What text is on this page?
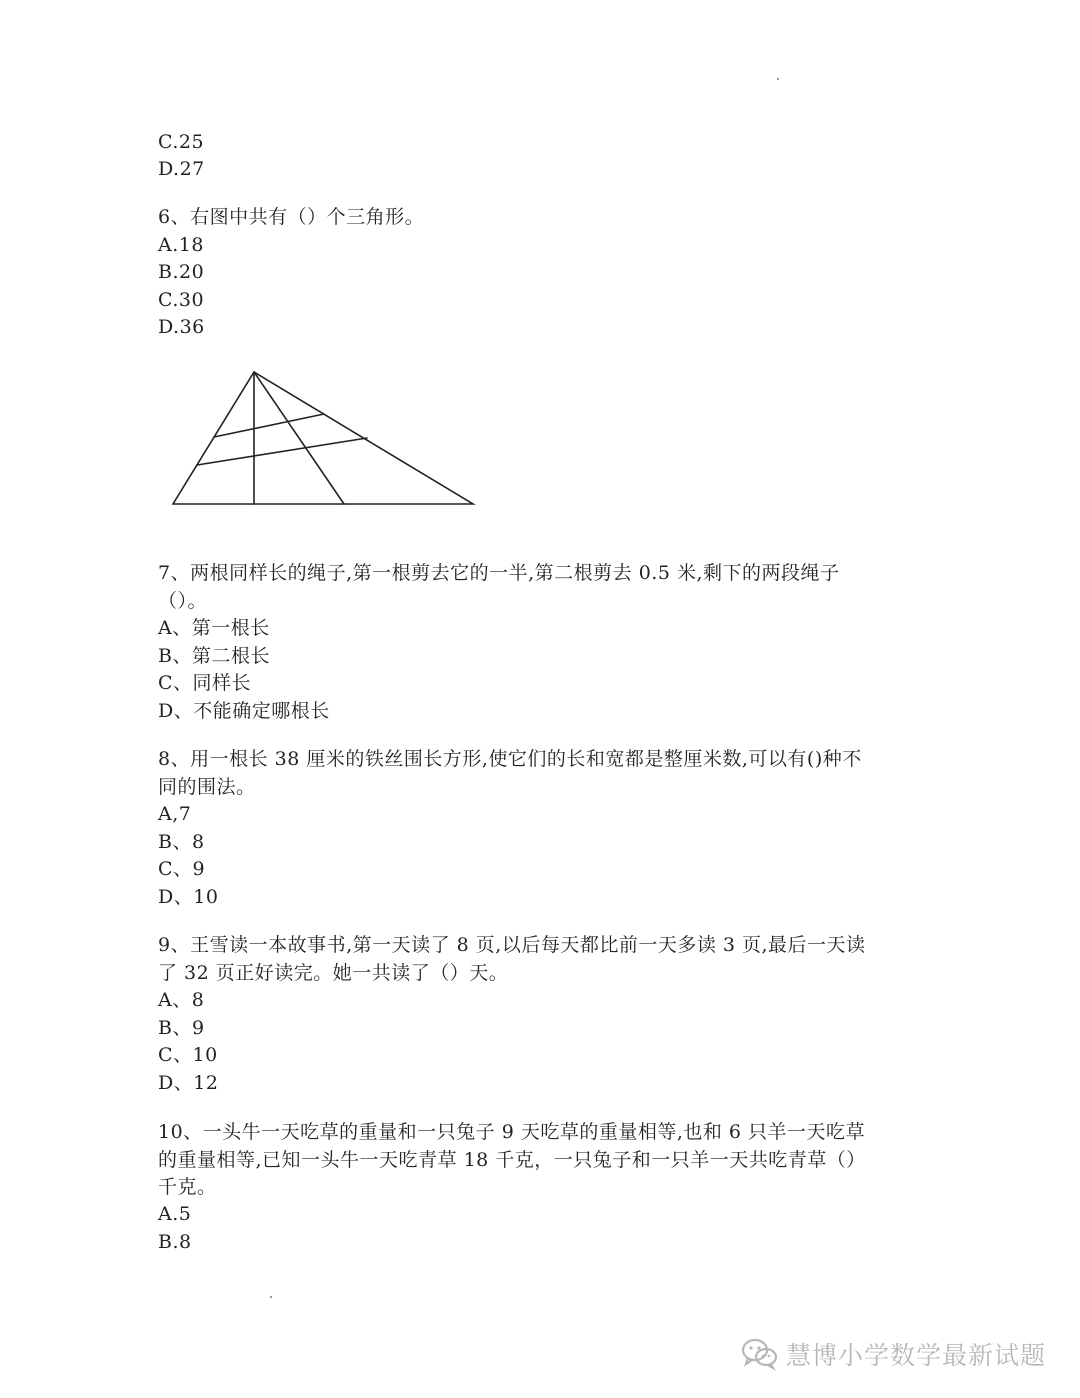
C.25
D.27
6、右图中共有（）个三角形。
A.18
B.20
C.30
D.36
7、两根同样长的绳子,第一根剪去它的一半,第二根剪去 0.5 米,剩下的两段绳子
（）。
A、第一根长
B、第二根长
C、同样长
D、不能确定哪根长
8、用一根长 38 厘米的铁丝围长方形,使它们的长和宽都是整厘米数,可以有()种不
同的围法。
A,7
B、8
C、9
D、10
9、王雪读一本故事书,第一天读了 8 页,以后每天都比前一天多读 3 页,最后一天读
了 32 页正好读完。她一共读了（）天。
A、8
B、9
C、10
D、12
10、一头牛一天吃草的重量和一只兔子 9 天吃草的重量相等,也和 6 只羊一天吃草
的重量相等,已知一头牛一天吃青草 18 千克，一只兔子和一只羊一天共吃青草（）
千克。
A.5
B.8
慧博小学数学最新试题
